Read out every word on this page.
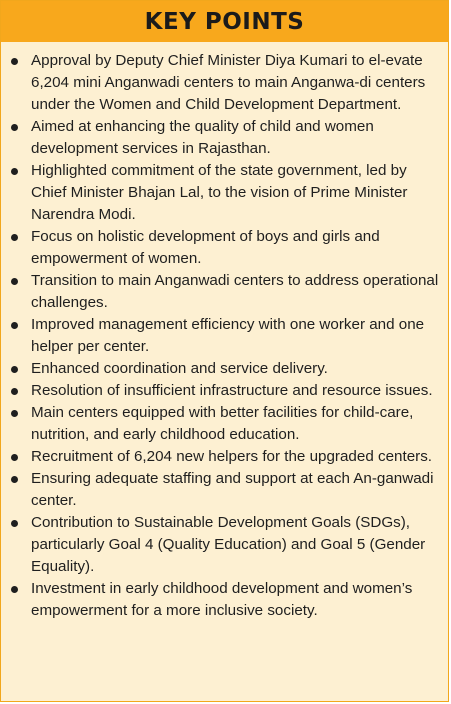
KEY POINTS
Approval by Deputy Chief Minister Diya Kumari to el-evate 6,204 mini Anganwadi centers to main Anganwa-di centers under the Women and Child Development Department.
Aimed at enhancing the quality of child and women development services in Rajasthan.
Highlighted commitment of the state government, led by Chief Minister Bhajan Lal, to the vision of Prime Minister Narendra Modi.
Focus on holistic development of boys and girls and empowerment of women.
Transition to main Anganwadi centers to address operational challenges.
Improved management efficiency with one worker and one helper per center.
Enhanced coordination and service delivery.
Resolution of insufficient infrastructure and resource issues.
Main centers equipped with better facilities for child-care, nutrition, and early childhood education.
Recruitment of 6,204 new helpers for the upgraded centers.
Ensuring adequate staffing and support at each An-ganwadi center.
Contribution to Sustainable Development Goals (SDGs), particularly Goal 4 (Quality Education) and Goal 5 (Gender Equality).
Investment in early childhood development and women’s empowerment for a more inclusive society.
